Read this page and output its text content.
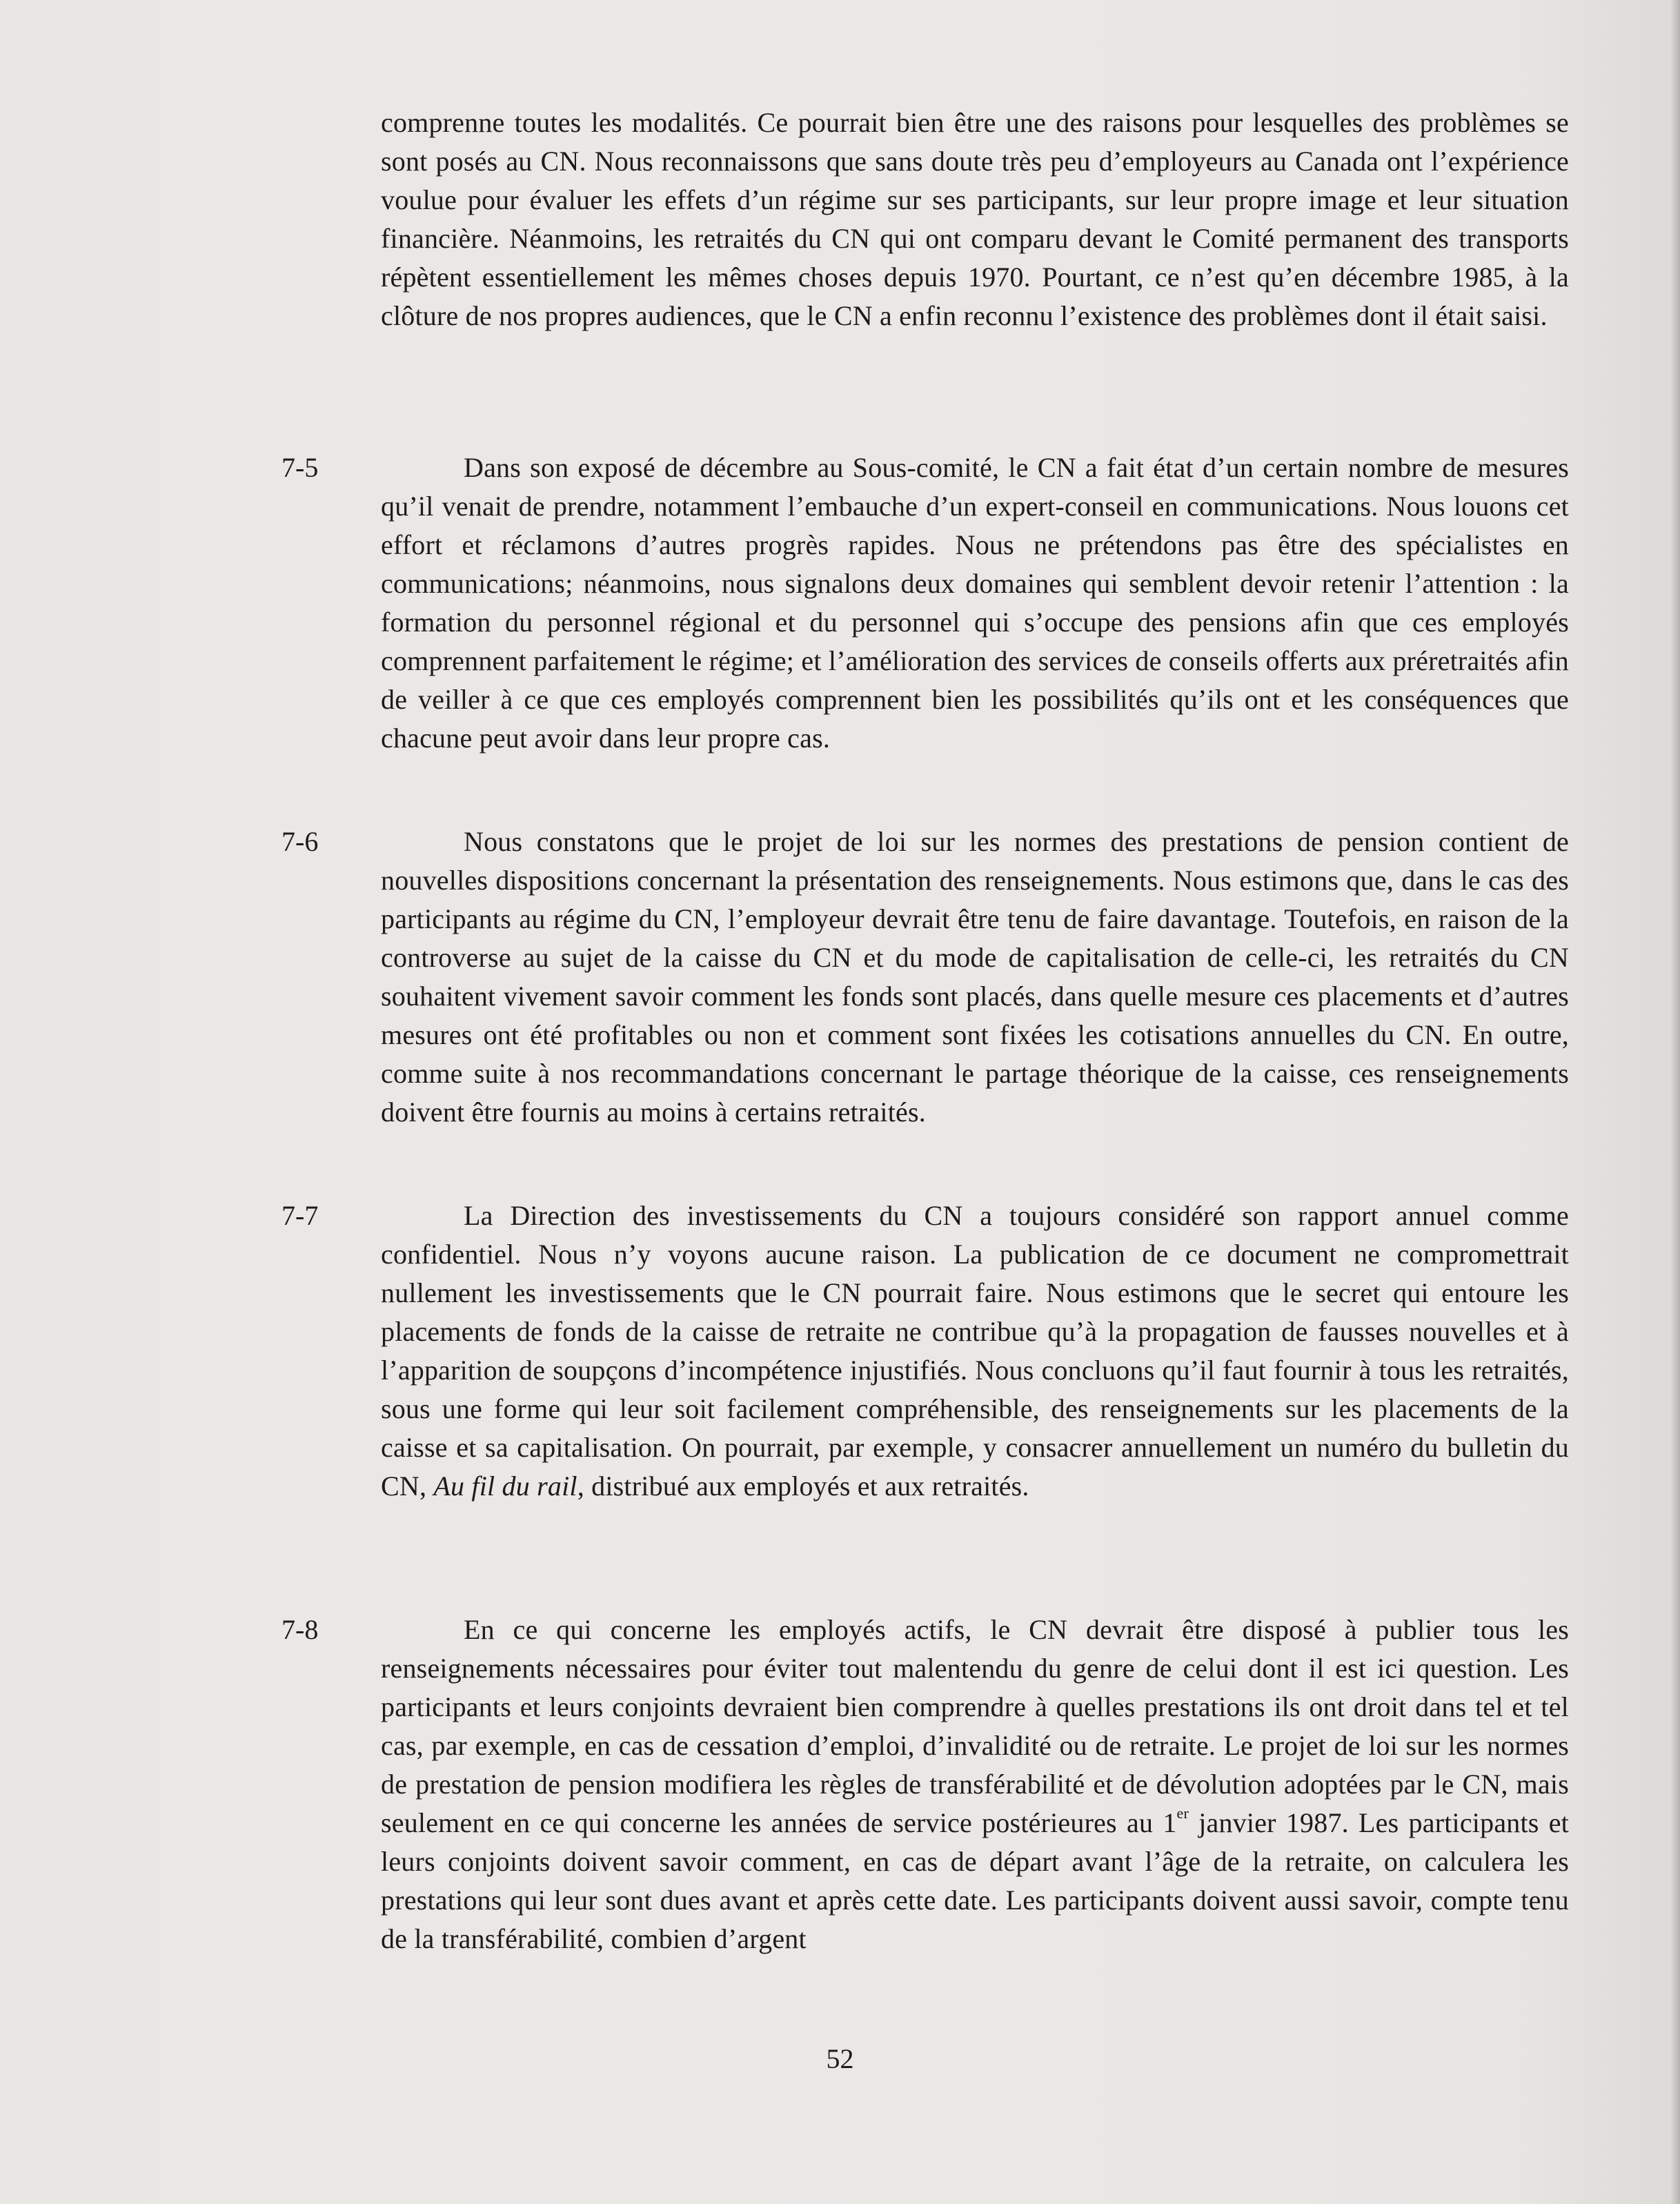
comprenne toutes les modalités. Ce pourrait bien être une des raisons pour lesquelles des problèmes se sont posés au CN. Nous reconnaissons que sans doute très peu d’employeurs au Canada ont l’expérience voulue pour évaluer les effets d’un régime sur ses participants, sur leur propre image et leur situation financière. Néanmoins, les retraités du CN qui ont comparu devant le Comité permanent des transports répètent essentiellement les mêmes choses depuis 1970. Pourtant, ce n’est qu’en décembre 1985, à la clôture de nos propres audiences, que le CN a enfin reconnu l’existence des problèmes dont il était saisi.
7-5	Dans son exposé de décembre au Sous-comité, le CN a fait état d’un certain nombre de mesures qu’il venait de prendre, notamment l’embauche d’un expert-conseil en communications. Nous louons cet effort et réclamons d’autres progrès rapides. Nous ne prétendons pas être des spécialistes en communications; néanmoins, nous signalons deux domaines qui semblent devoir retenir l’attention : la formation du personnel régional et du personnel qui s’occupe des pensions afin que ces employés comprennent parfaitement le régime; et l’amélioration des services de conseils offerts aux préretraités afin de veiller à ce que ces employés comprennent bien les possibilités qu’ils ont et les conséquences que chacune peut avoir dans leur propre cas.
7-6	Nous constatons que le projet de loi sur les normes des prestations de pension contient de nouvelles dispositions concernant la présentation des renseignements. Nous estimons que, dans le cas des participants au régime du CN, l’employeur devrait être tenu de faire davantage. Toutefois, en raison de la controverse au sujet de la caisse du CN et du mode de capitalisation de celle-ci, les retraités du CN souhaitent vivement savoir comment les fonds sont placés, dans quelle mesure ces placements et d’autres mesures ont été profitables ou non et comment sont fixées les cotisations annuelles du CN. En outre, comme suite à nos recommandations concernant le partage théorique de la caisse, ces renseignements doivent être fournis au moins à certains retraités.
7-7	La Direction des investissements du CN a toujours considéré son rapport annuel comme confidentiel. Nous n’y voyons aucune raison. La publication de ce document ne compromettrait nullement les investissements que le CN pourrait faire. Nous estimons que le secret qui entoure les placements de fonds de la caisse de retraite ne contribue qu’à la propagation de fausses nouvelles et à l’apparition de soupçons d’incompétence injustifiés. Nous concluons qu’il faut fournir à tous les retraités, sous une forme qui leur soit facilement compréhensible, des renseignements sur les placements de la caisse et sa capitalisation. On pourrait, par exemple, y consacrer annuellement un numéro du bulletin du CN, Au fil du rail, distribué aux employés et aux retraités.
7-8	En ce qui concerne les employés actifs, le CN devrait être disposé à publier tous les renseignements nécessaires pour éviter tout malentendu du genre de celui dont il est ici question. Les participants et leurs conjoints devraient bien comprendre à quelles prestations ils ont droit dans tel et tel cas, par exemple, en cas de cessation d’emploi, d’invalidité ou de retraite. Le projet de loi sur les normes de prestation de pension modifiera les règles de transférabilité et de dévolution adoptées par le CN, mais seulement en ce qui concerne les années de service postérieures au 1er janvier 1987. Les participants et leurs conjoints doivent savoir comment, en cas de départ avant l’âge de la retraite, on calculera les prestations qui leur sont dues avant et après cette date. Les participants doivent aussi savoir, compte tenu de la transférabilité, combien d’argent
52
